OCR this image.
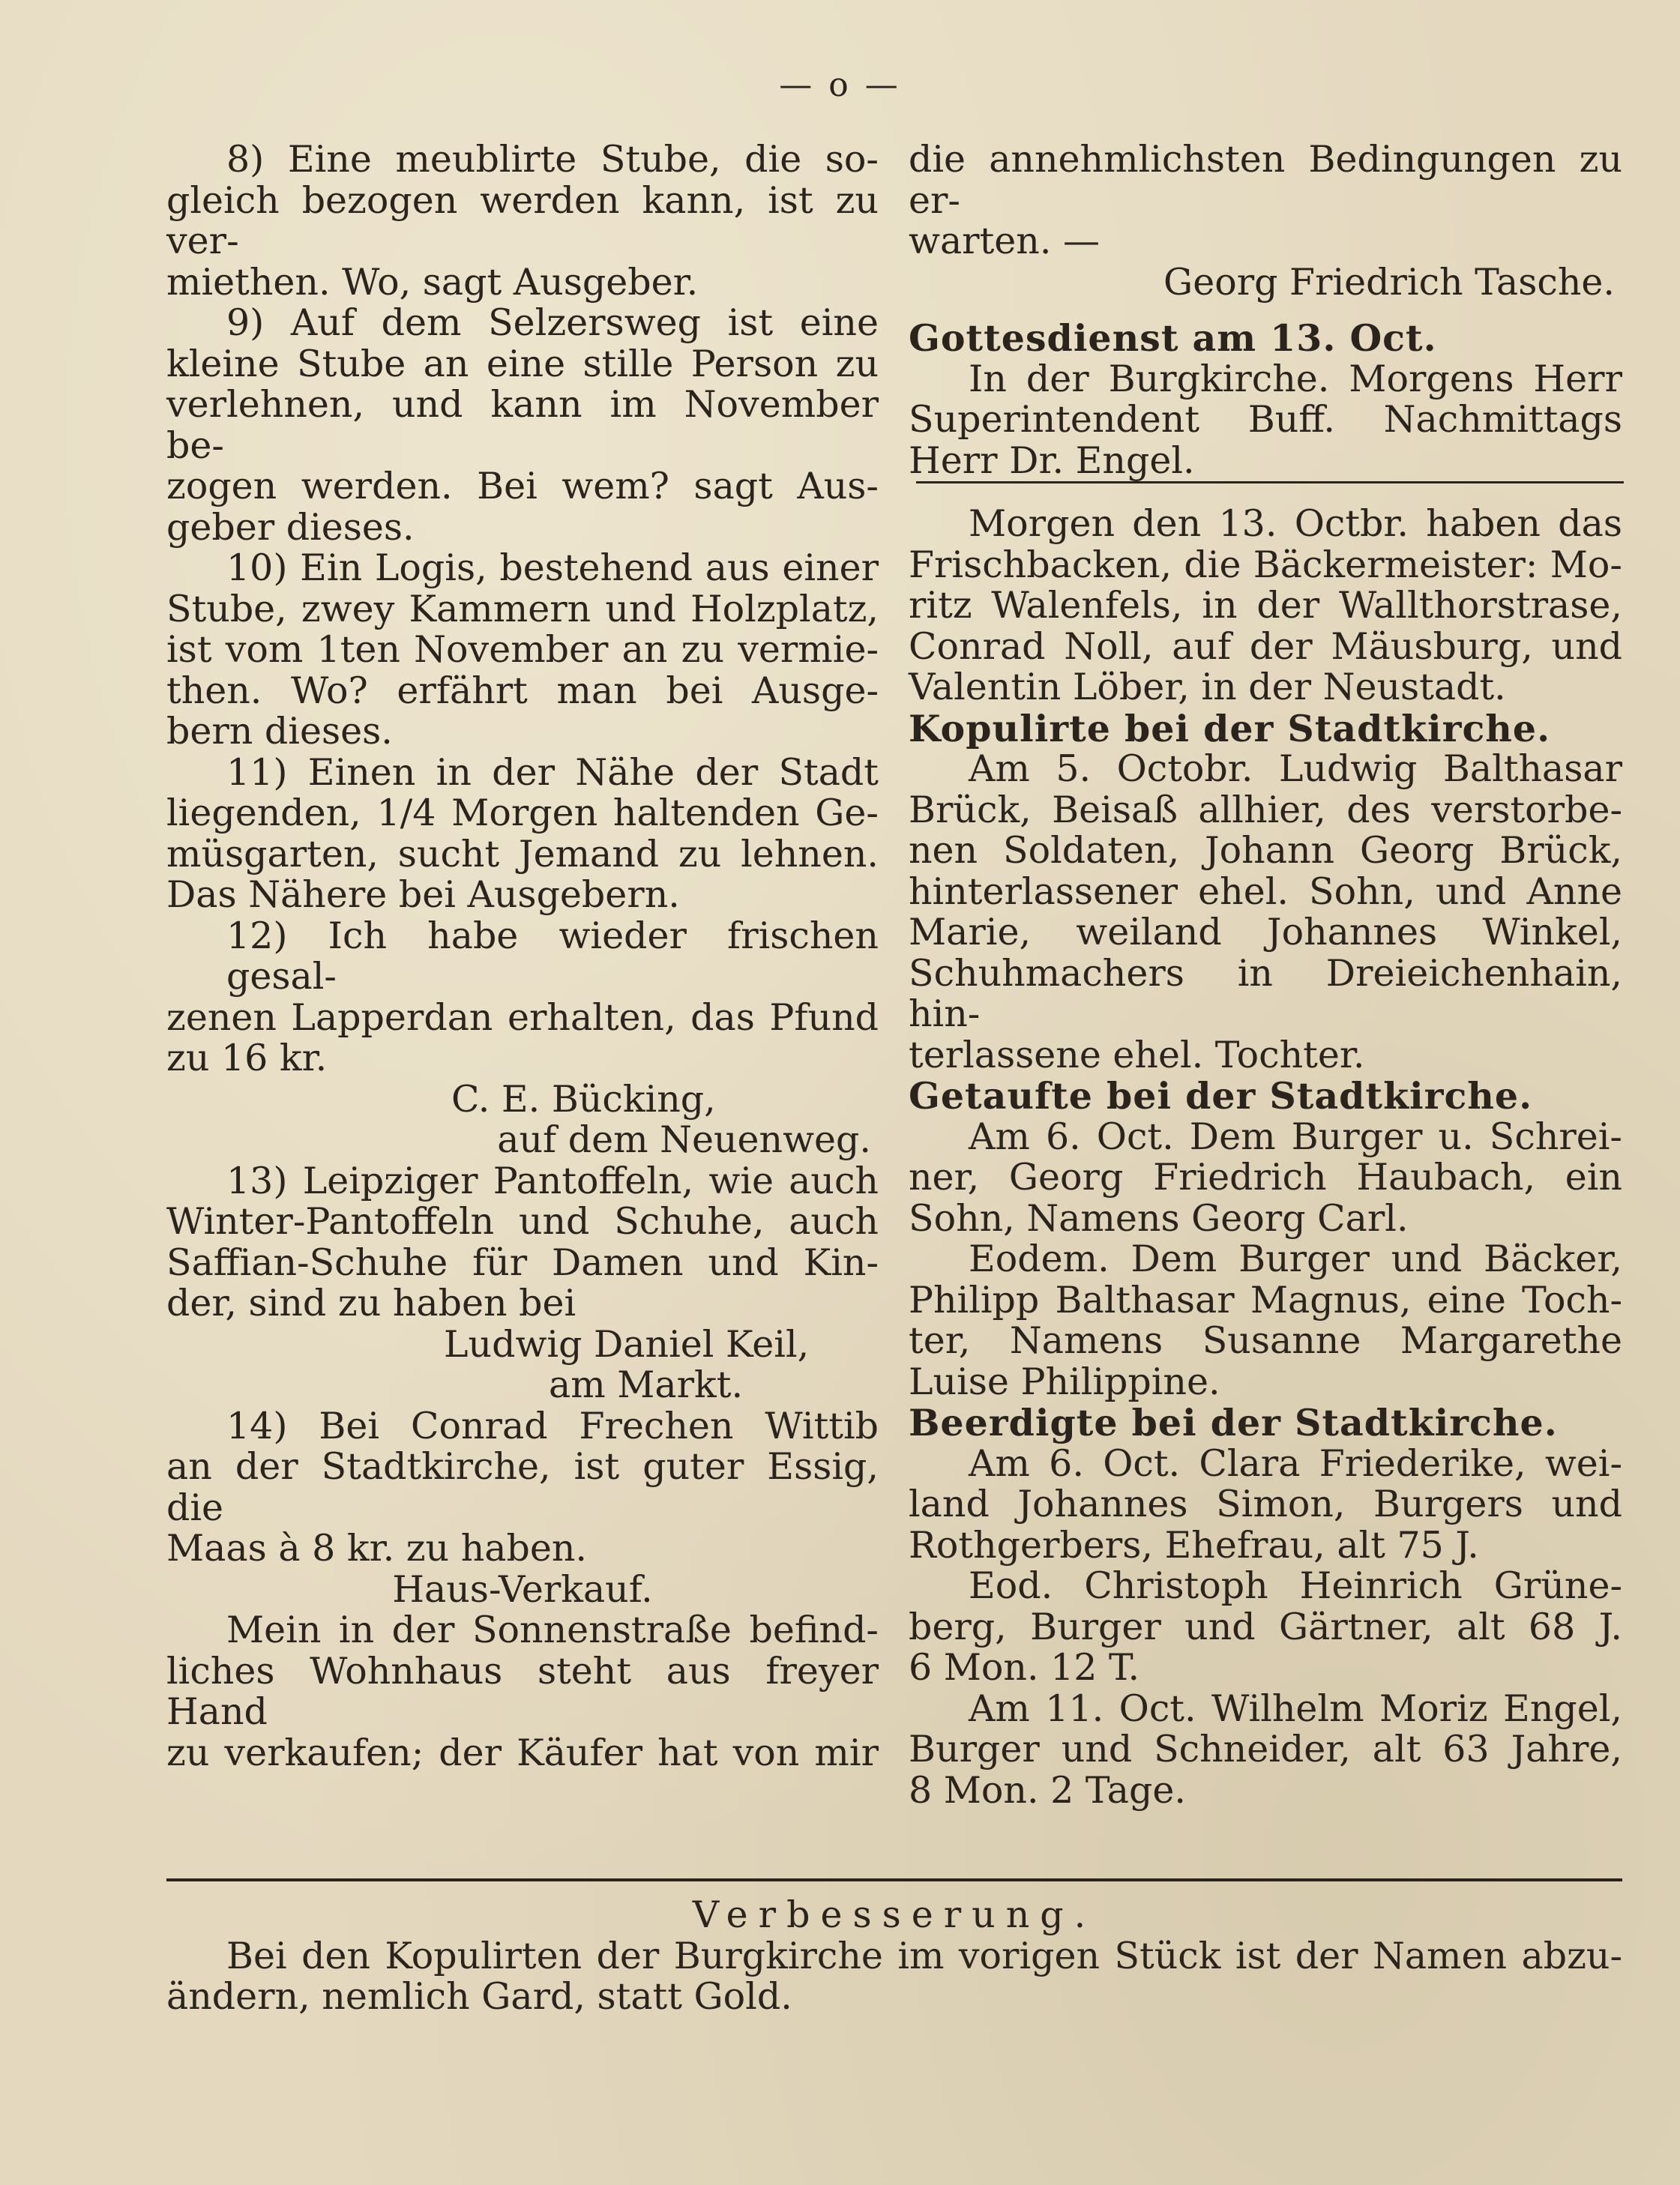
— o —

8) Eine meublirte Stube, die so-
gleich bezogen werden kann, ist zu ver-
miethen. Wo, sagt Ausgeber.

9) Auf dem Selzersweg ist eine
kleine Stube an eine stille Person zu
verlehnen, und kann im November be-
zogen werden. Bei wem? sagt Aus-
geber dieses.

10) Ein Logis, bestehend aus einer
Stube, zwey Kammern und Holzplatz,
ist vom 1ten November an zu vermie-
then. Wo? erfährt man bei Ausge-
bern dieses.

11) Einen in der Nähe der Stadt
liegenden, 1/4 Morgen haltenden Ge-
müsgarten, sucht Jemand zu lehnen.
Das Nähere bei Ausgebern.

12) Ich habe wieder frischen gesal-
zenen Lapperdan erhalten, das Pfund
zu 16 kr.

C. E. Bücking,
auf dem Neuenweg.

13) Leipziger Pantoffeln, wie auch
Winter-Pantoffeln und Schuhe, auch
Saffian-Schuhe für Damen und Kin-
der, sind zu haben bei

Ludwig Daniel Keil,
am Markt.

14) Bei Conrad Frechen Wittib
an der Stadtkirche, ist guter Essig, die
Maas à 8 kr. zu haben.

Haus-Verkauf.

Mein in der Sonnenstraße befind-
liches Wohnhaus steht aus freyer Hand
zu verkaufen; der Käufer hat von mir

die annehmlichsten Bedingungen zu er-
warten. —
Georg Friedrich Tasche.

Gottesdienst am 13. Oct.

In der Burgkirche. Morgens Herr
Superintendent Buff. Nachmittags
Herr Dr. Engel.

Morgen den 13. Octbr. haben das
Frischbacken, die Bäckermeister: Mo-
ritz Walenfels, in der Wallthorstrase,
Conrad Noll, auf der Mäusburg, und
Valentin Löber, in der Neustadt.

Kopulirte bei der Stadtkirche.

Am 5. Octobr. Ludwig Balthasar
Brück, Beisaß allhier, des verstorbe-
nen Soldaten, Johann Georg Brück,
hinterlassener ehel. Sohn, und Anne
Marie, weiland Johannes Winkel,
Schuhmachers in Dreieichenhain, hin-
terlassene ehel. Tochter.

Getaufte bei der Stadtkirche.

Am 6. Oct. Dem Burger u. Schrei-
ner, Georg Friedrich Haubach, ein
Sohn, Namens Georg Carl.
Eodem. Dem Burger und Bäcker,
Philipp Balthasar Magnus, eine Toch-
ter, Namens Susanne Margarethe
Luise Philippine.

Beerdigte bei der Stadtkirche.

Am 6. Oct. Clara Friederike, wei-
land Johannes Simon, Burgers und
Rothgerbers, Ehefrau, alt 75 J.
Eod. Christoph Heinrich Grüne-
berg, Burger und Gärtner, alt 68 J.
6 Mon. 12 T.
Am 11. Oct. Wilhelm Moriz Engel,
Burger und Schneider, alt 63 Jahre,
8 Mon. 2 Tage.

Verbesserung.
Bei den Kopulirten der Burgkirche im vorigen Stück ist der Namen abzu-
ändern, nemlich Gard, statt Gold.
